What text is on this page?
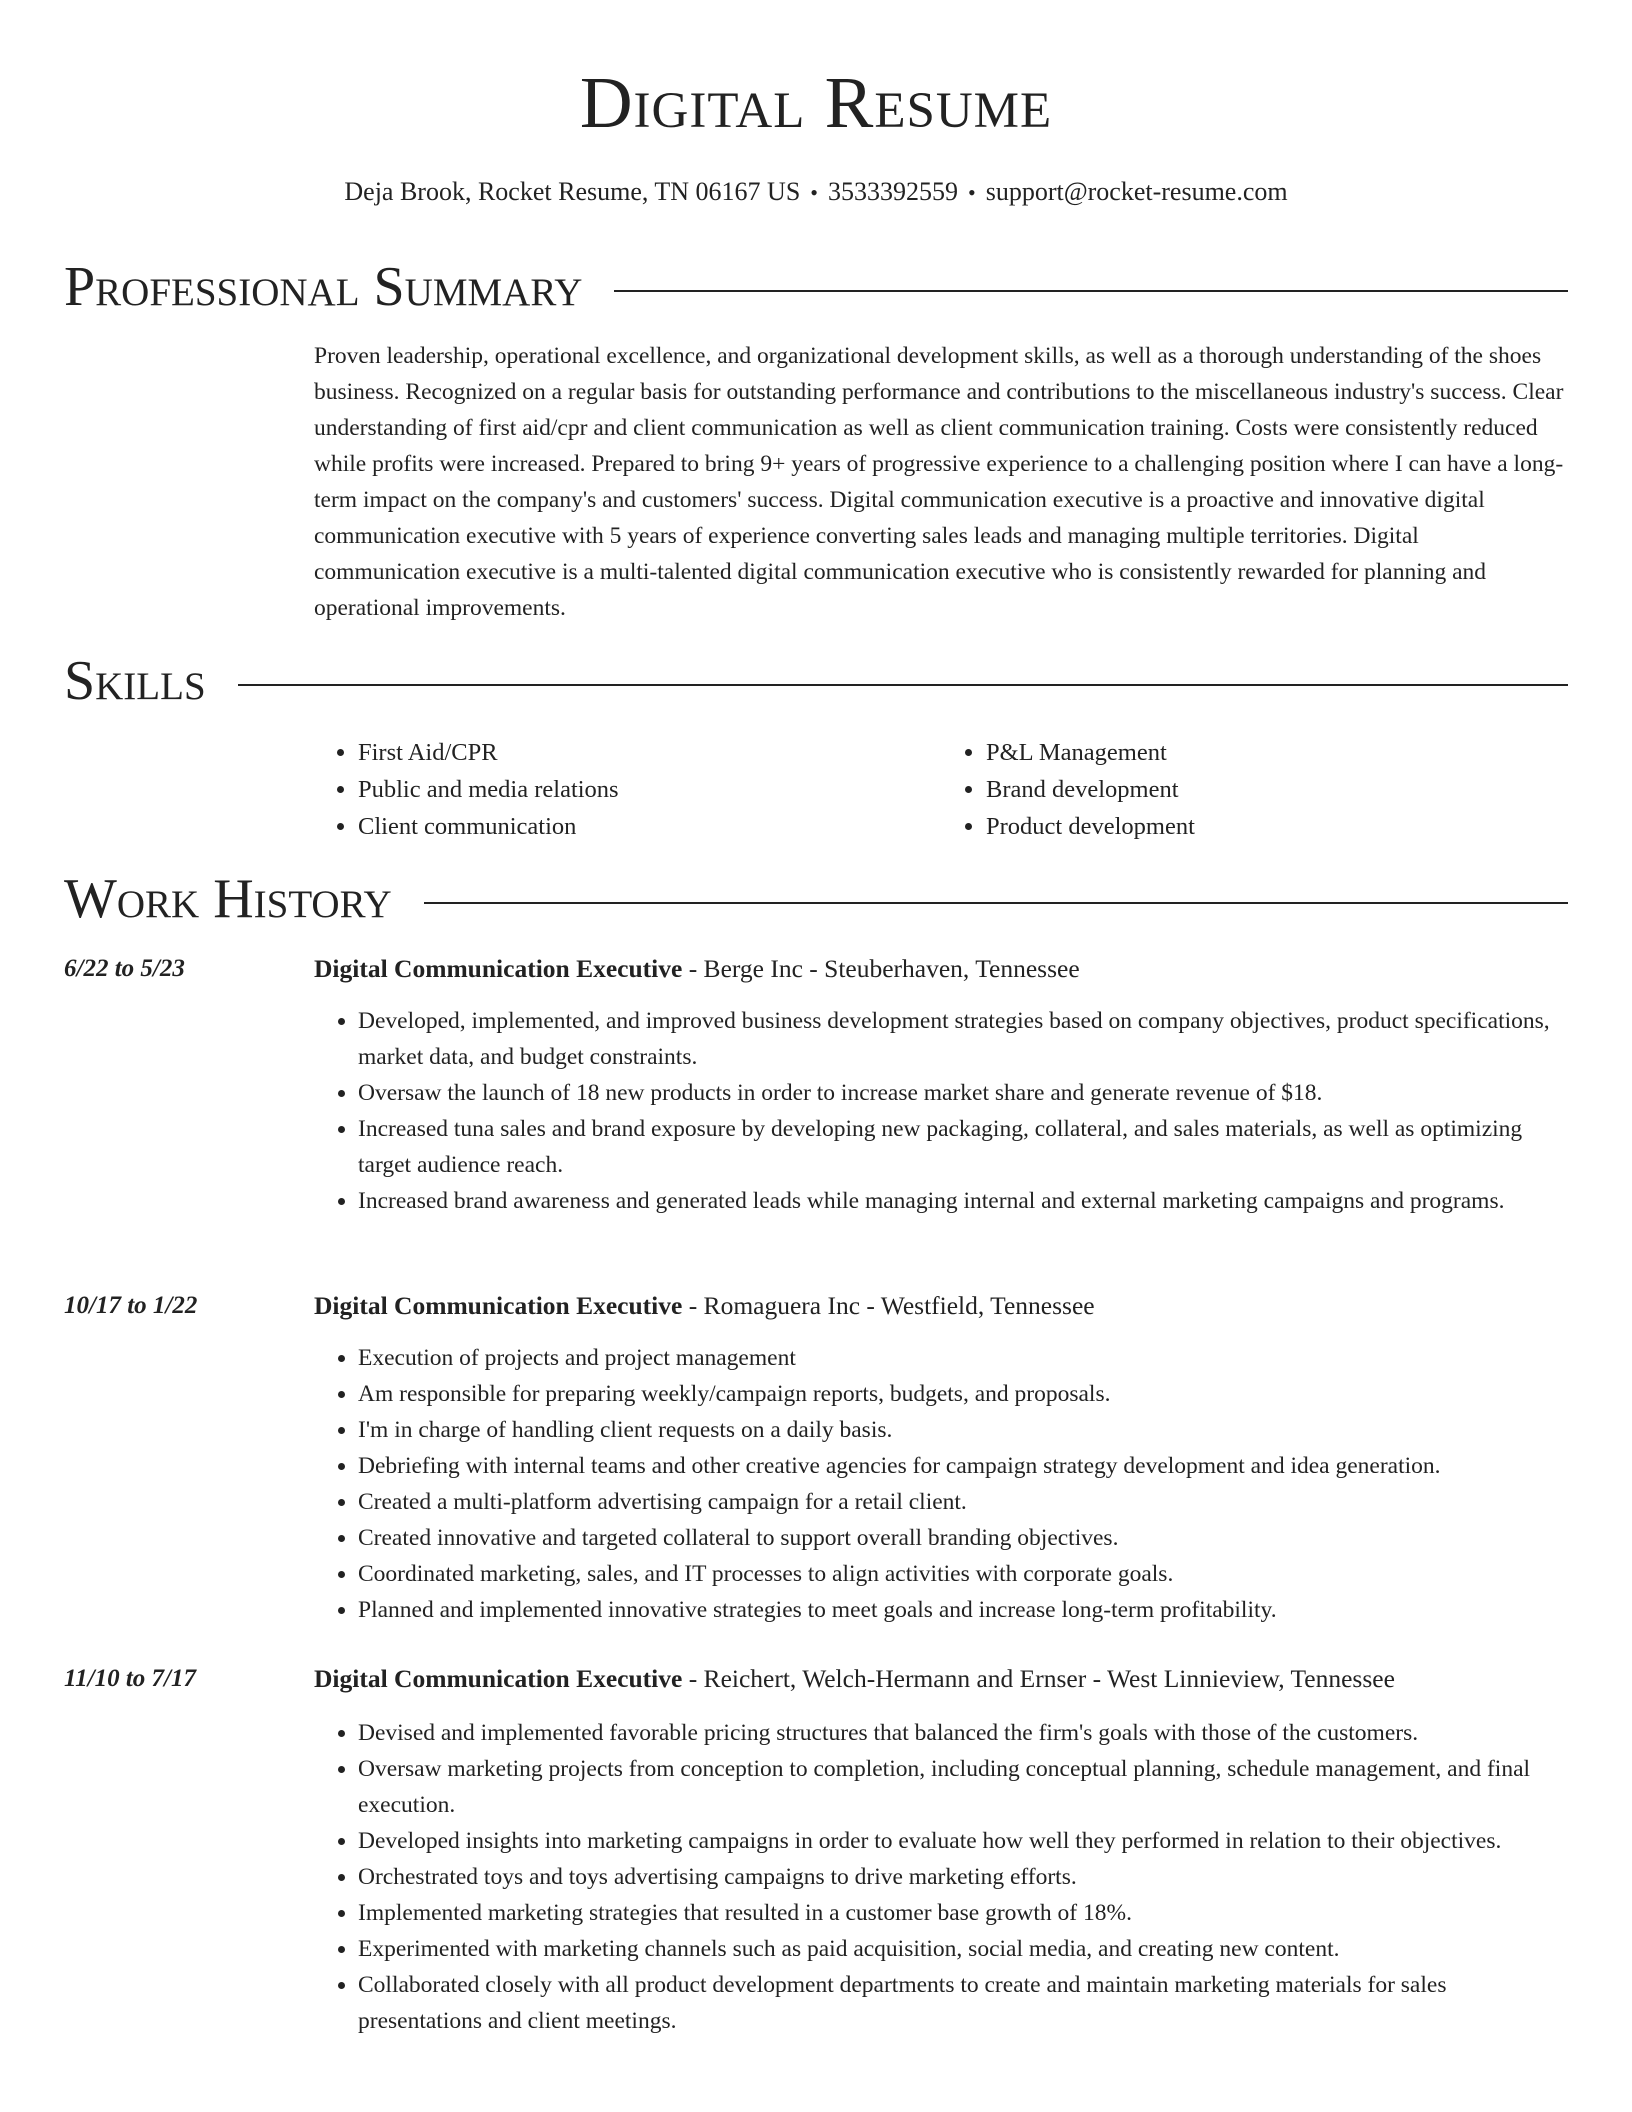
Digital Resume
Deja Brook, Rocket Resume, TN 06167 US • 3533392559 • support@rocket-resume.com
Professional Summary

Proven leadership, operational excellence, and organizational development skills, as well as a thorough understanding of the shoes business. Recognized on a regular basis for outstanding performance and contributions to the miscellaneous industry's success. Clear understanding of first aid/cpr and client communication as well as client communication training. Costs were consistently reduced while profits were increased. Prepared to bring 9+ years of progressive experience to a challenging position where I can have a long-term impact on the company's and customers' success. Digital communication executive is a proactive and innovative digital communication executive with 5 years of experience converting sales leads and managing multiple territories. Digital communication executive is a multi-talented digital communication executive who is consistently rewarded for planning and operational improvements.

Skills
• First Aid/CPR
• Public and media relations
• Client communication
• P&L Management
• Brand development
• Product development
Work History
6/22 to 5/23	Digital Communication Executive - Berge Inc - Steuberhaven, Tennessee
• Developed, implemented, and improved business development strategies based on company objectives, product specifications, market data, and budget constraints.
• Oversaw the launch of 18 new products in order to increase market share and generate revenue of $18.
• Increased tuna sales and brand exposure by developing new packaging, collateral, and sales materials, as well as optimizing target audience reach.
• Increased brand awareness and generated leads while managing internal and external marketing campaigns and programs.
10/17 to 1/22	Digital Communication Executive - Romaguera Inc - Westfield, Tennessee
• Execution of projects and project management
• Am responsible for preparing weekly/campaign reports, budgets, and proposals.
• I'm in charge of handling client requests on a daily basis.
• Debriefing with internal teams and other creative agencies for campaign strategy development and idea generation.
• Created a multi-platform advertising campaign for a retail client.
• Created innovative and targeted collateral to support overall branding objectives.
• Coordinated marketing, sales, and IT processes to align activities with corporate goals.
• Planned and implemented innovative strategies to meet goals and increase long-term profitability.
11/10 to 7/17	Digital Communication Executive - Reichert, Welch-Hermann and Ernser - West Linnieview, Tennessee
• Devised and implemented favorable pricing structures that balanced the firm's goals with those of the customers.
• Oversaw marketing projects from conception to completion, including conceptual planning, schedule management, and final execution.
• Developed insights into marketing campaigns in order to evaluate how well they performed in relation to their objectives.
• Orchestrated toys and toys advertising campaigns to drive marketing efforts.
• Implemented marketing strategies that resulted in a customer base growth of 18%.
• Experimented with marketing channels such as paid acquisition, social media, and creating new content.
• Collaborated closely with all product development departments to create and maintain marketing materials for sales presentations and client meetings.
